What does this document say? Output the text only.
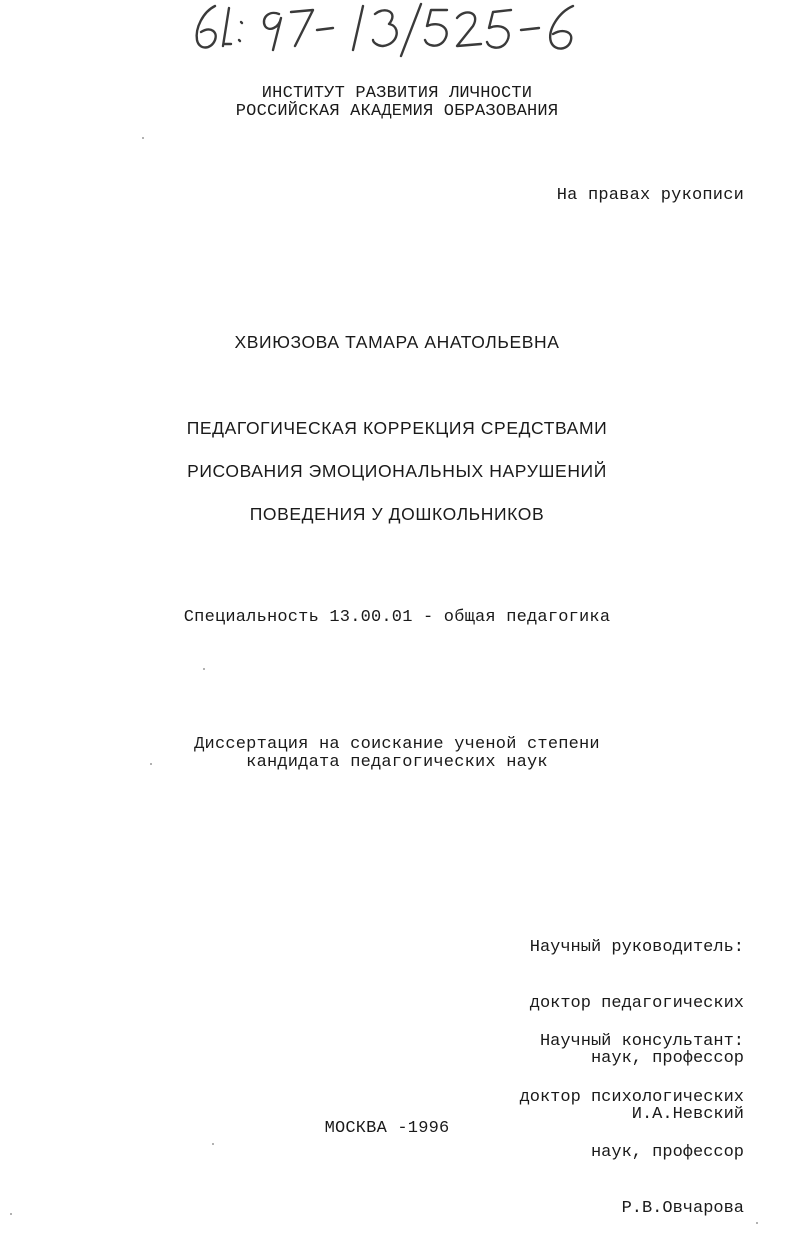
ИНСТИТУТ РАЗВИТИЯ ЛИЧНОСТИ
РОССИЙСКАЯ АКАДЕМИЯ ОБРАЗОВАНИЯ
На правах рукописи
ХВИЮЗОВА ТАМАРА АНАТОЛЬЕВНА
ПЕДАГОГИЧЕСКАЯ КОРРЕКЦИЯ СРЕДСТВАМИ
РИСОВАНИЯ ЭМОЦИОНАЛЬНЫХ НАРУШЕНИЙ
ПОВЕДЕНИЯ У ДОШКОЛЬНИКОВ
Специальность 13.00.01 - общая педагогика
Диссертация на соискание ученой степени
кандидата педагогических наук

Научный руководитель:

доктор педагогических

наук, профессор

И.А.Невский

Научный консультант:

доктор психологических

наук, профессор

Р.В.Овчарова

МОСКВА -1996
